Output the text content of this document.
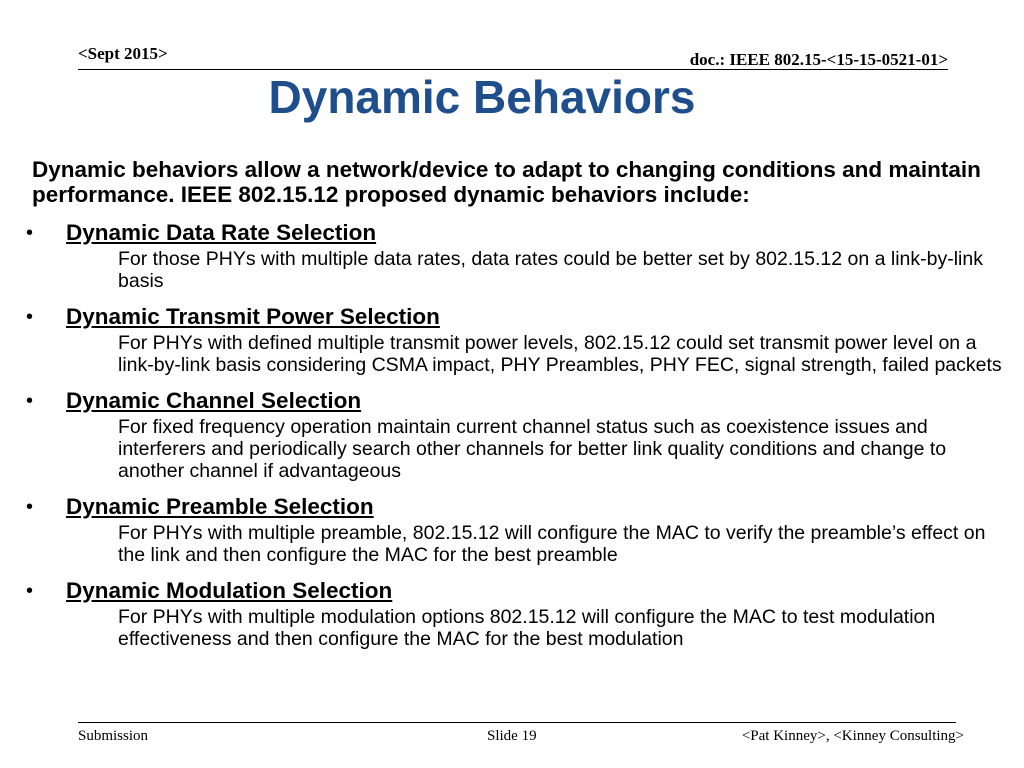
<Sept 2015>	doc.: IEEE 802.15-<15-15-0521-01>
Dynamic Behaviors
Dynamic behaviors allow a network/device to adapt to changing conditions and maintain performance. IEEE 802.15.12 proposed dynamic behaviors include:
• Dynamic Data Rate Selection
For those PHYs with multiple data rates, data rates could be better set by 802.15.12 on a link-by-link basis
• Dynamic Transmit Power Selection
For PHYs with defined multiple transmit power levels, 802.15.12 could set transmit power level on a link-by-link basis considering CSMA impact, PHY Preambles, PHY FEC, signal strength, failed packets
• Dynamic Channel Selection
For fixed frequency operation maintain current channel status such as coexistence issues and interferers and periodically search other channels for better link quality conditions and change to another channel if advantageous
• Dynamic Preamble Selection
For PHYs with multiple preamble, 802.15.12 will configure the MAC to verify the preamble’s effect on the link and then configure the MAC for the best preamble
• Dynamic Modulation Selection
For PHYs with multiple modulation options 802.15.12 will configure the MAC to test modulation effectiveness and then configure the MAC for the best modulation
Submission	Slide 19	<Pat Kinney>, <Kinney Consulting>
